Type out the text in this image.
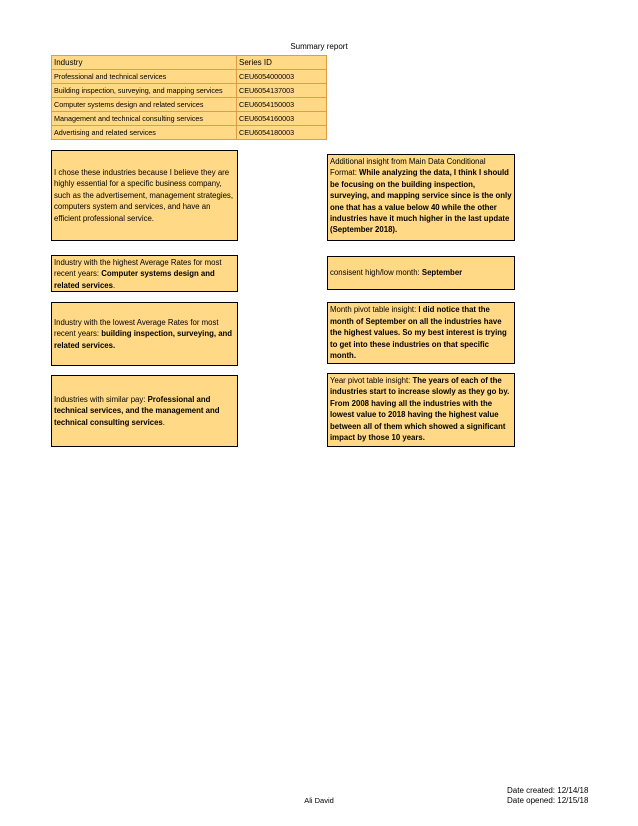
Summary report
Industry	Series ID
Professional and technical services	CEU6054000003
Building inspection, surveying, and mapping services	CEU6054137003
Computer systems design and related services	CEU6054150003
Management and technical consulting services	CEU6054160003
Advertising and related services	CEU6054180003
I chose these industries because I believe they are highly essential for a specific business company, such as the advertisement, management strategies, computers system and services, and have an efficient professional service.
Industry with the highest Average Rates for most recent years: Computer systems design and related services.
Industry with the lowest Average Rates for most recent years: building inspection, surveying, and related services.
Industries with similar pay: Professional and technical services, and the management and technical consulting services.
Additional insight from Main Data Conditional Format: While analyzing the data, I think I should be focusing on the building inspection, surveying, and mapping service since is the only one that has a value below 40 while the other industries have it much higher in the last update (September 2018).
consisent high/low month: September
Month pivot table insight: I did notice that the month of September on all the industries have the highest values. So my best interest is trying to get into these industries on that specific month.
Year pivot table insight: The years of each of the industries start to increase slowly as they go by. From 2008 having all the industries with the lowest value to 2018 having the highest value between all of them which showed a significant impact by those 10 years.
Ali David
Date created: 12/14/18
Date opened: 12/15/18
